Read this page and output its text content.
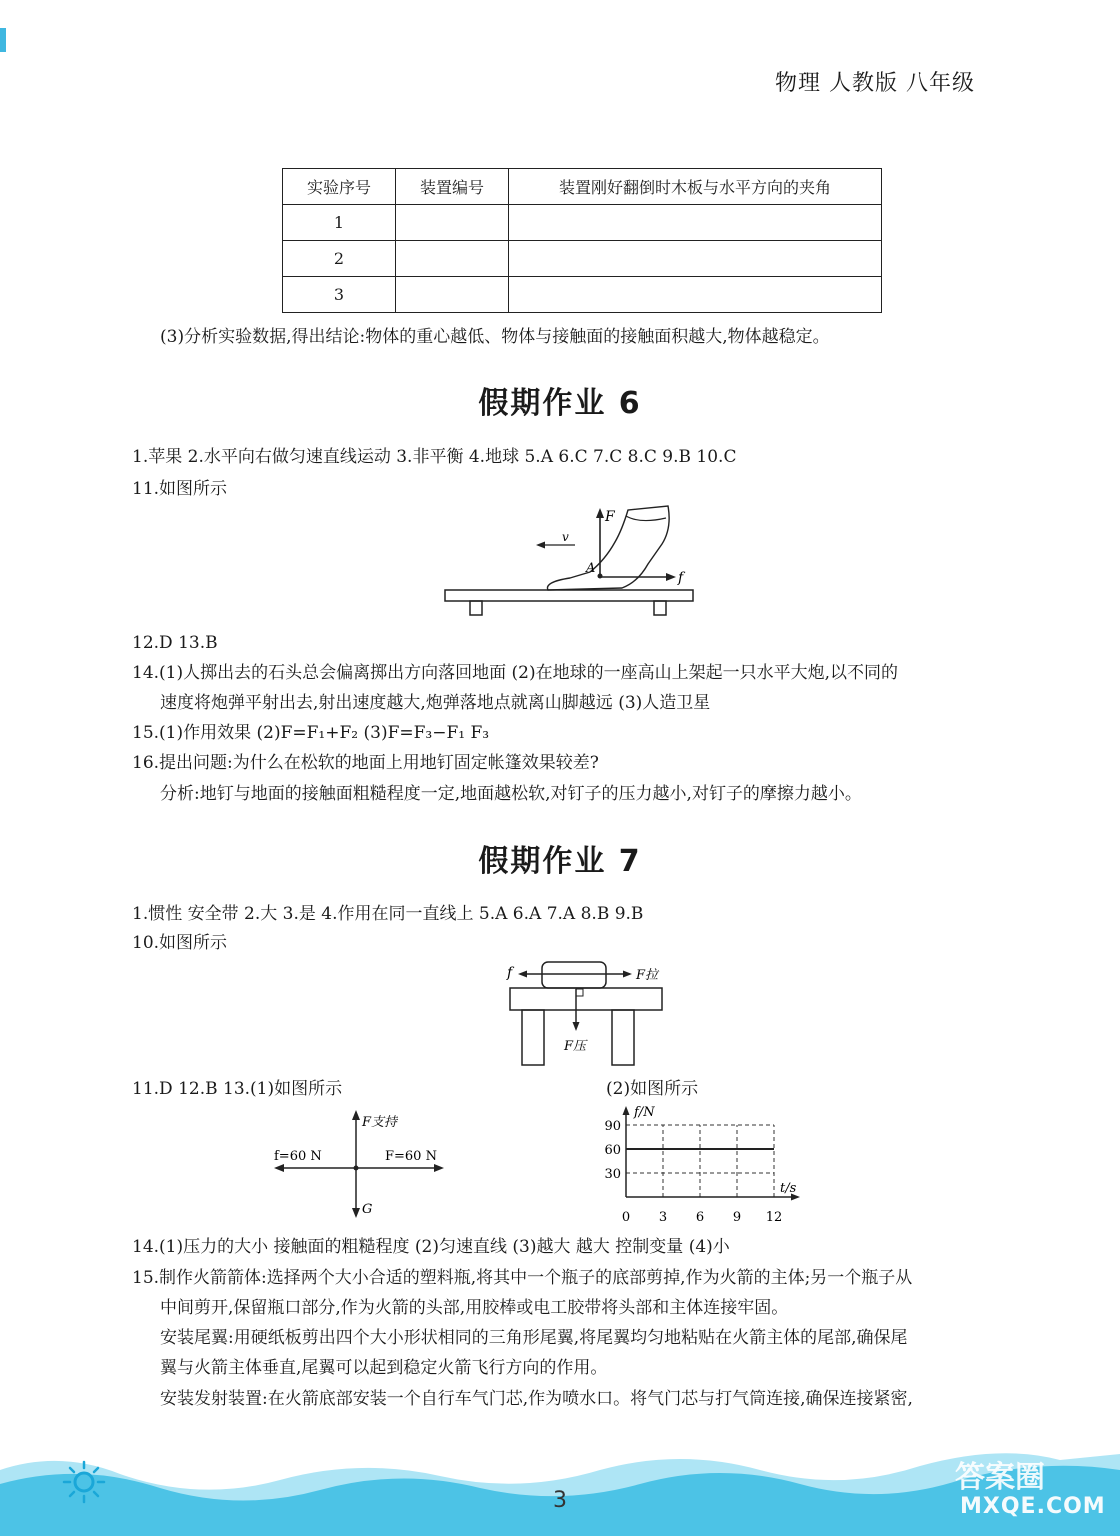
物理 人教版 八年级
实验序号	装置编号	装置刚好翻倒时木板与水平方向的夹角
1		
2		
3		
(3)分析实验数据,得出结论:物体的重心越低、物体与接触面的接触面积越大,物体越稳定。
假期作业 6
1.苹果 2.水平向右做匀速直线运动 3.非平衡 4.地球 5.A 6.C 7.C 8.C 9.B 10.C
11.如图所示
F
f
A
v
12.D 13.B
14.(1)人掷出去的石头总会偏离掷出方向落回地面 (2)在地球的一座高山上架起一只水平大炮,以不同的
速度将炮弹平射出去,射出速度越大,炮弹落地点就离山脚越远 (3)人造卫星
15.(1)作用效果 (2)F=F₁+F₂ (3)F=F₃−F₁ F₃
16.提出问题:为什么在松软的地面上用地钉固定帐篷效果较差?
分析:地钉与地面的接触面粗糙程度一定,地面越松软,对钉子的压力越小,对钉子的摩擦力越小。
假期作业 7
1.惯性 安全带 2.大 3.是 4.作用在同一直线上 5.A 6.A 7.A 8.B 9.B
10.如图所示
f	F拉
F压
11.D 12.B 13.(1)如图所示	(2)如图所示
f=60 N	F=60 N
F支持
G
f/N
t/s
30
60
90
0 3 6 9 12
14.(1)压力的大小 接触面的粗糙程度 (2)匀速直线 (3)越大 越大 控制变量 (4)小
15.制作火箭箭体:选择两个大小合适的塑料瓶,将其中一个瓶子的底部剪掉,作为火箭的主体;另一个瓶子从
中间剪开,保留瓶口部分,作为火箭的头部,用胶棒或电工胶带将头部和主体连接牢固。
安装尾翼:用硬纸板剪出四个大小形状相同的三角形尾翼,将尾翼均匀地粘贴在火箭主体的尾部,确保尾
翼与火箭主体垂直,尾翼可以起到稳定火箭飞行方向的作用。
安装发射装置:在火箭底部安装一个自行车气门芯,作为喷水口。将气门芯与打气筒连接,确保连接紧密,
3
答案圈
MXQE.COM
